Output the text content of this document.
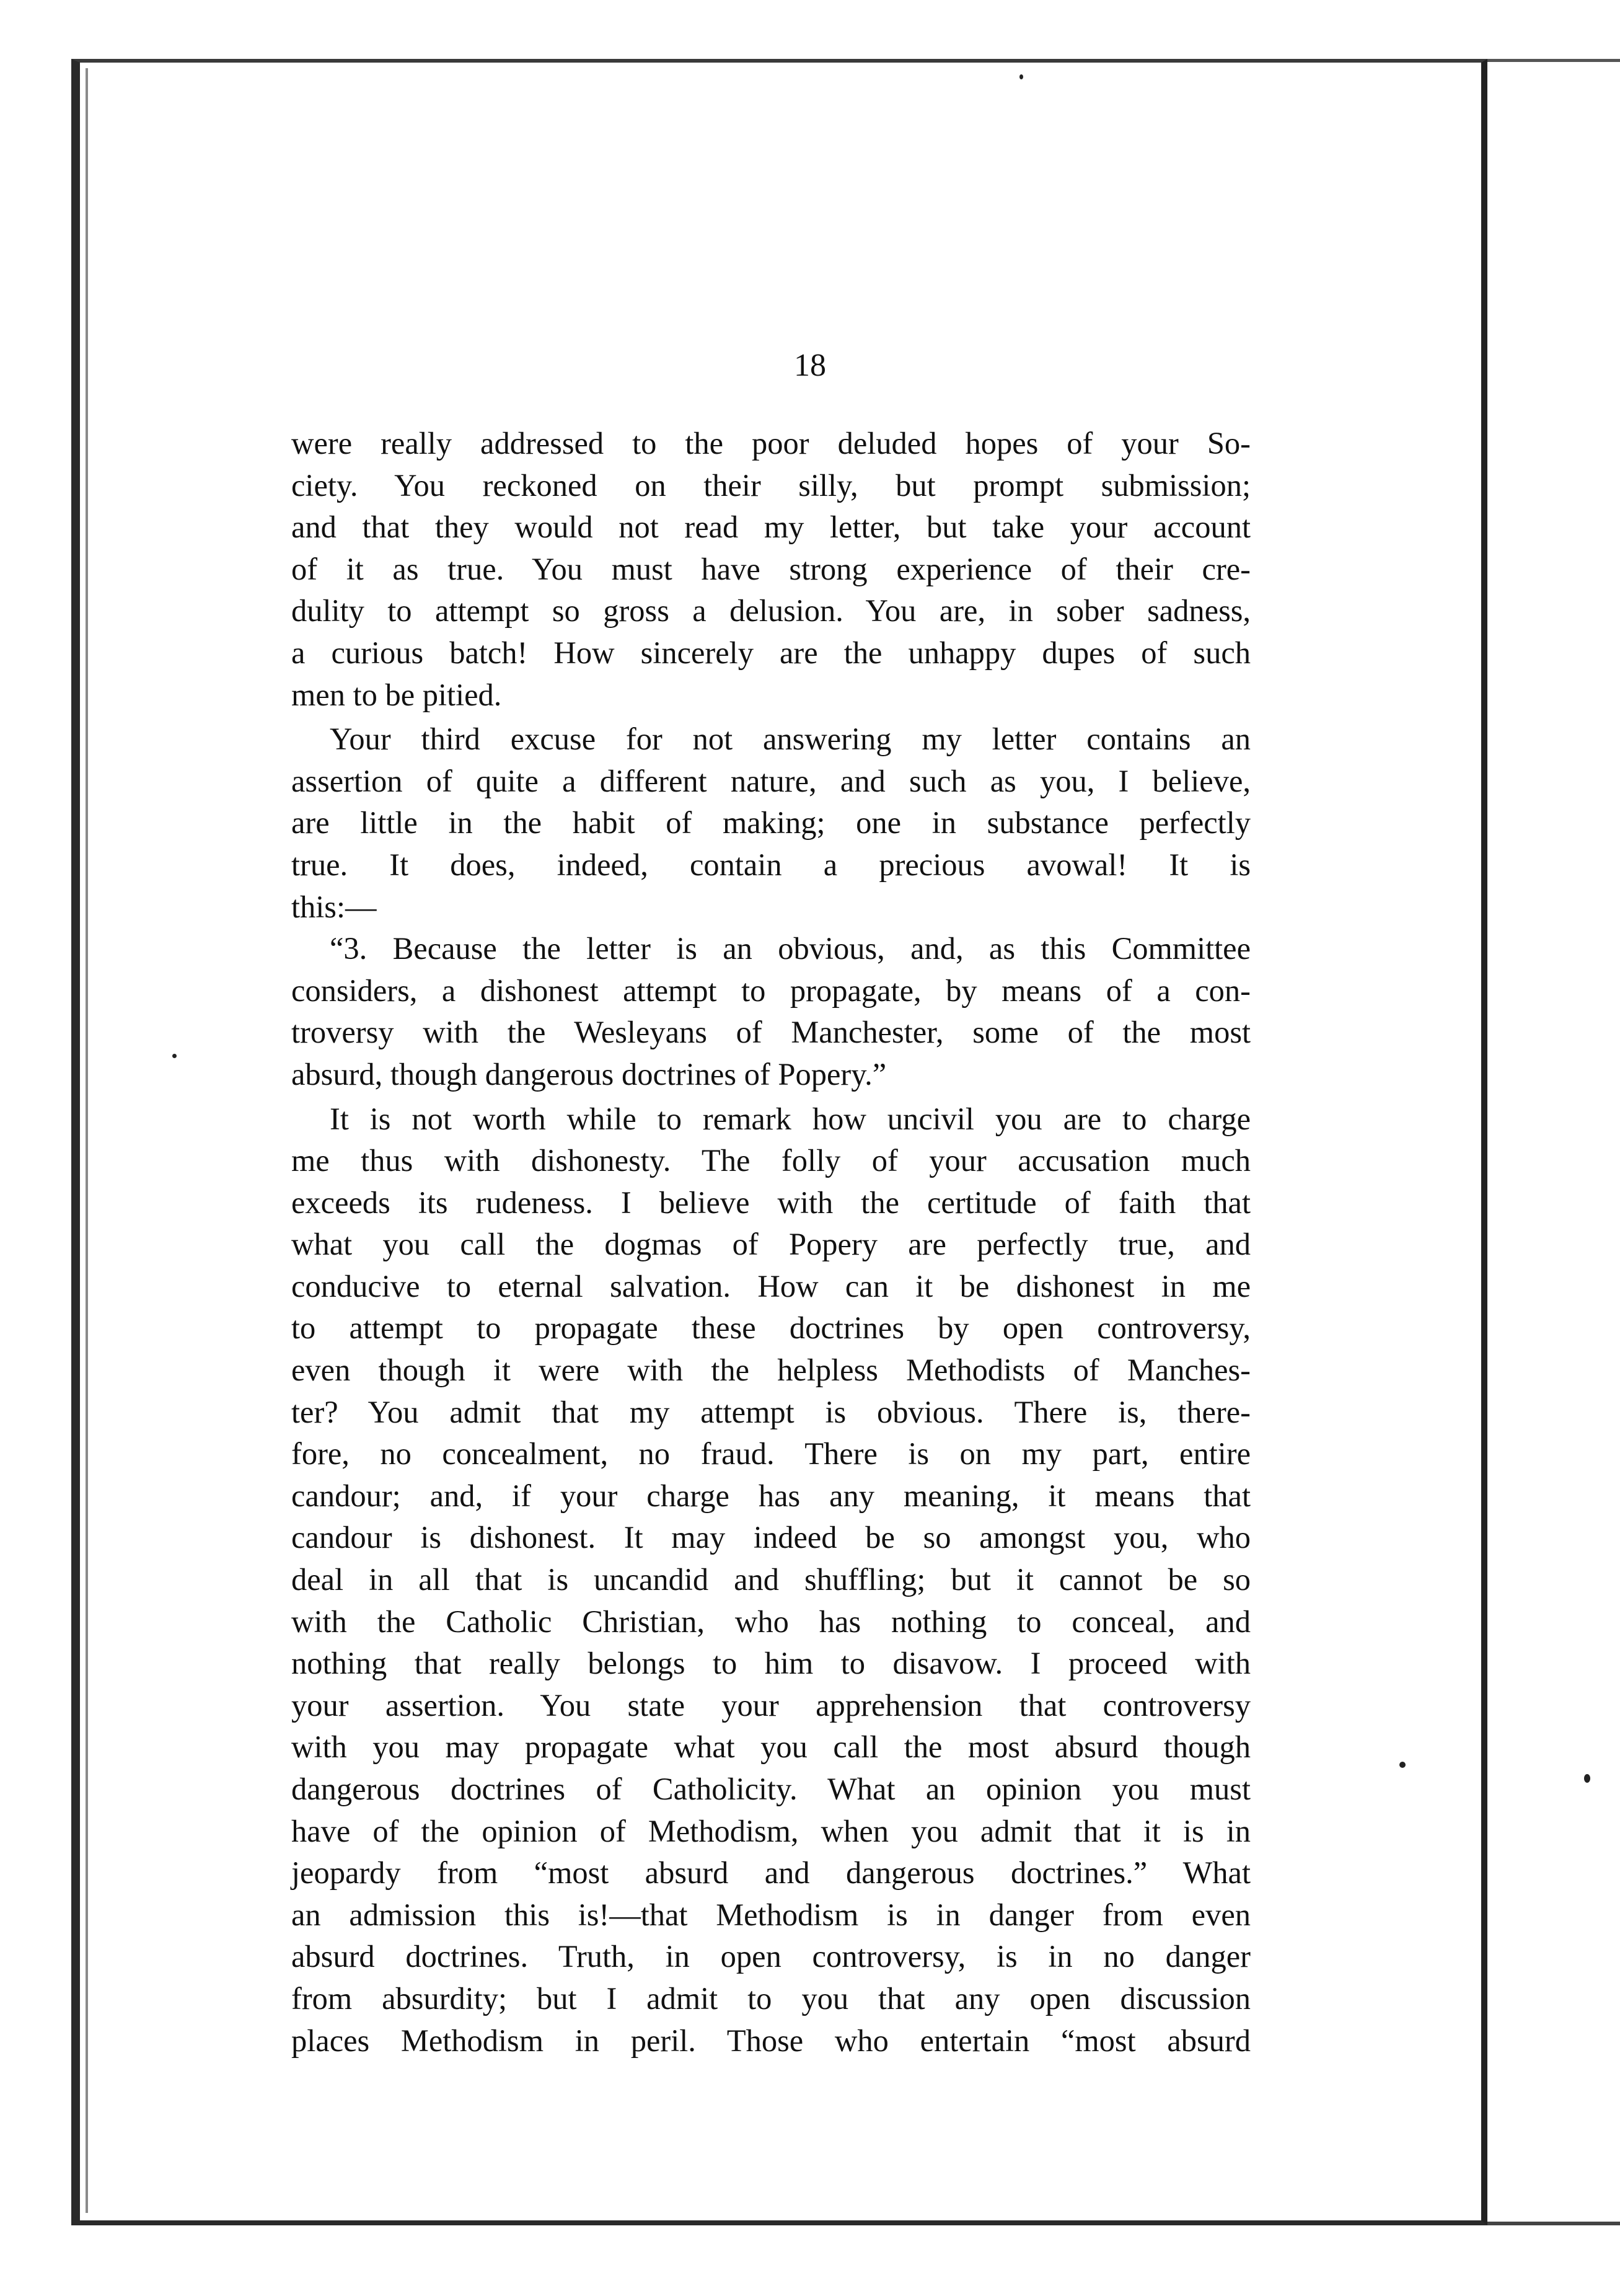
18
were really addressed to the poor deluded hopes of your So-
ciety. You reckoned on their silly, but prompt submission;
and that they would not read my letter, but take your account
of it as true. You must have strong experience of their cre-
dulity to attempt so gross a delusion. You are, in sober sadness,
a curious batch! How sincerely are the unhappy dupes of such
men to be pitied.
Your third excuse for not answering my letter contains an
assertion of quite a different nature, and such as you, I believe,
are little in the habit of making; one in substance perfectly
true. It does, indeed, contain a precious avowal! It is
this:—
“3. Because the letter is an obvious, and, as this Committee
considers, a dishonest attempt to propagate, by means of a con-
troversy with the Wesleyans of Manchester, some of the most
absurd, though dangerous doctrines of Popery.”
It is not worth while to remark how uncivil you are to charge
me thus with dishonesty. The folly of your accusation much
exceeds its rudeness. I believe with the certitude of faith that
what you call the dogmas of Popery are perfectly true, and
conducive to eternal salvation. How can it be dishonest in me
to attempt to propagate these doctrines by open controversy,
even though it were with the helpless Methodists of Manches-
ter? You admit that my attempt is obvious. There is, there-
fore, no concealment, no fraud. There is on my part, entire
candour; and, if your charge has any meaning, it means that
candour is dishonest. It may indeed be so amongst you, who
deal in all that is uncandid and shuffling; but it cannot be so
with the Catholic Christian, who has nothing to conceal, and
nothing that really belongs to him to disavow. I proceed with
your assertion. You state your apprehension that controversy
with you may propagate what you call the most absurd though
dangerous doctrines of Catholicity. What an opinion you must
have of the opinion of Methodism, when you admit that it is in
jeopardy from “most absurd and dangerous doctrines.” What
an admission this is!—that Methodism is in danger from even
absurd doctrines. Truth, in open controversy, is in no danger
from absurdity; but I admit to you that any open discussion
places Methodism in peril. Those who entertain “most absurd
